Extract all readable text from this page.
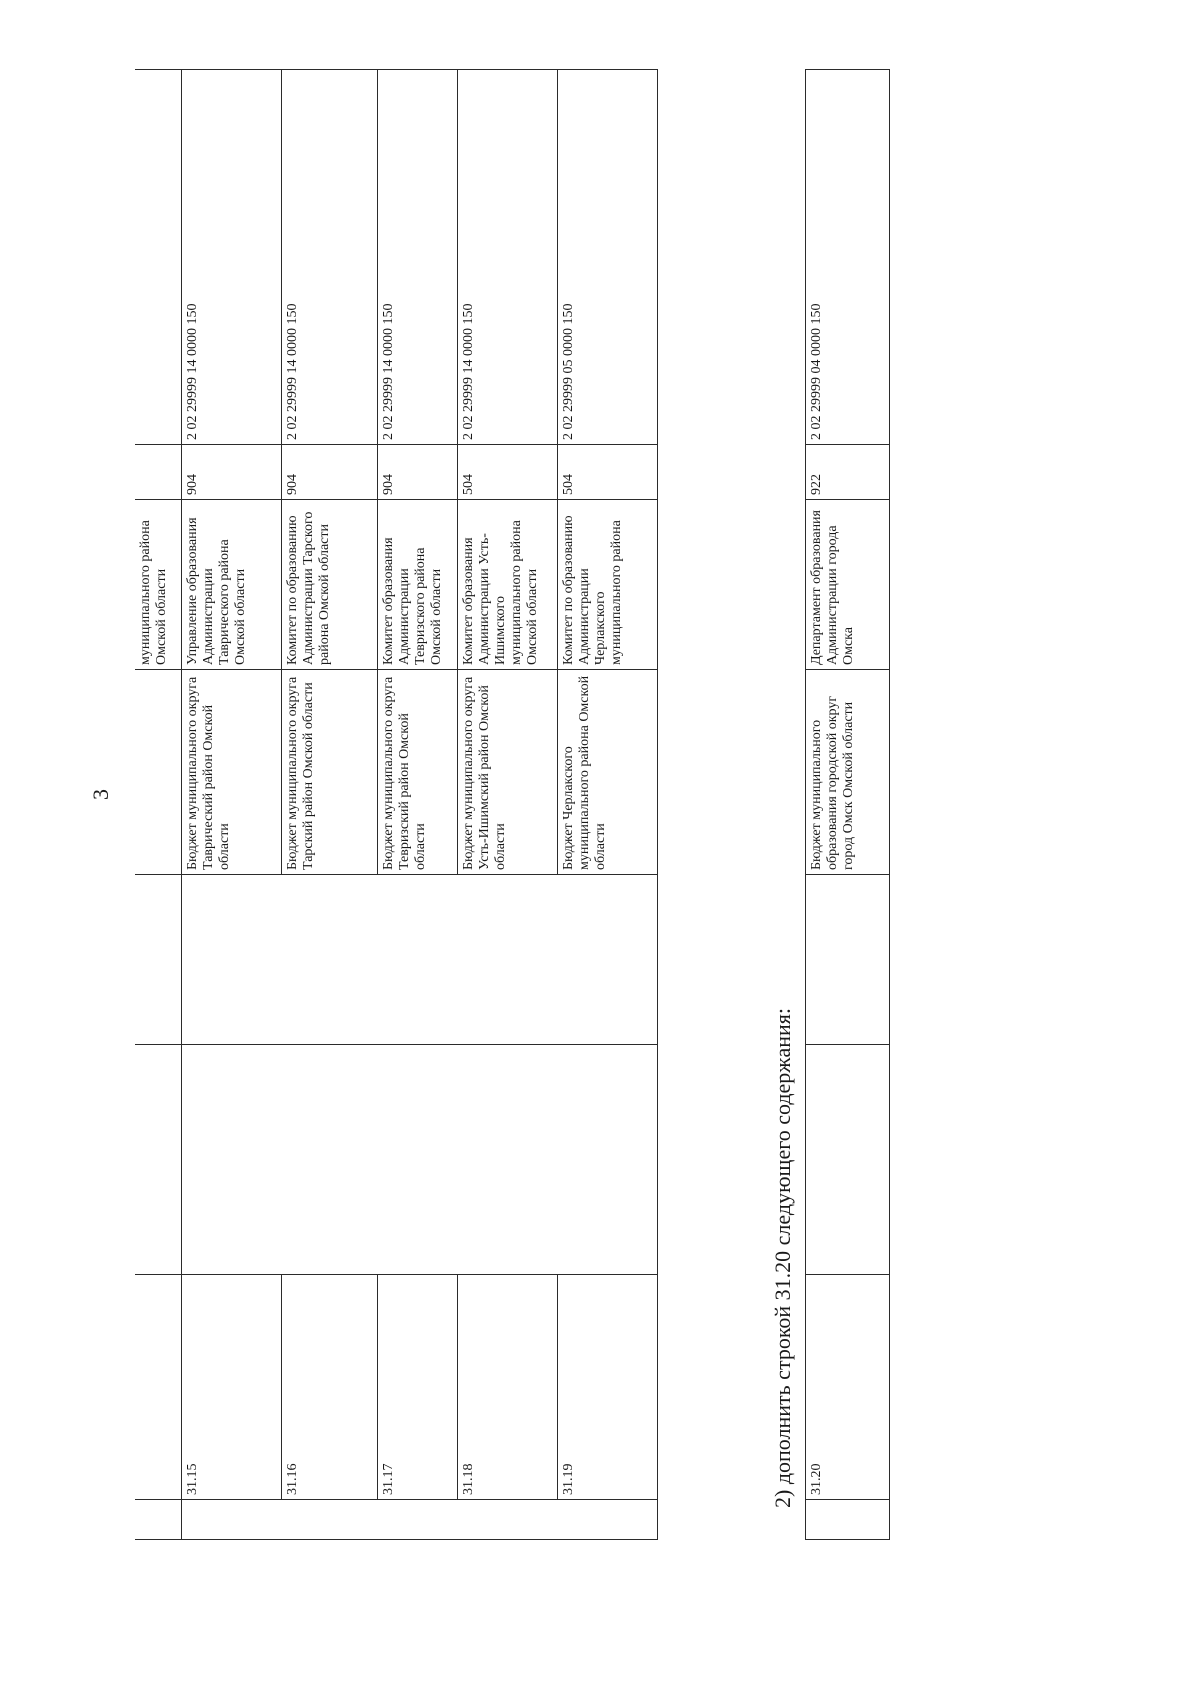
3
					муниципального района Омской области		
	31.15			Бюджет муниципального округа Таврический район Омской области	Управление образования Администрации Таврического района Омской области	904	2 02 29999 14 0000 150
	31.16			Бюджет муниципального округа Тарский район Омской области	Комитет по образованию Администрации Тарского района Омской области	904	2 02 29999 14 0000 150
	31.17			Бюджет муниципального округа Тевризский район Омской области	Комитет образования Администрации Тевризского района Омской области	904	2 02 29999 14 0000 150
	31.18			Бюджет муниципального округа Усть-Ишимский район Омской области	Комитет образования Администрации Усть-Ишимского муниципального района Омской области	504	2 02 29999 14 0000 150
	31.19			Бюджет Черлакского муниципального района Омской области	Комитет по образованию Администрации Черлакского муниципального района	504	2 02 29999 05 0000 150
2) дополнить строкой 31.20 следующего содержания:
	31.20			Бюджет муниципального образования городской округ город Омск Омской области	Департамент образования Администрации города Омска	922	2 02 29999 04 0000 150
